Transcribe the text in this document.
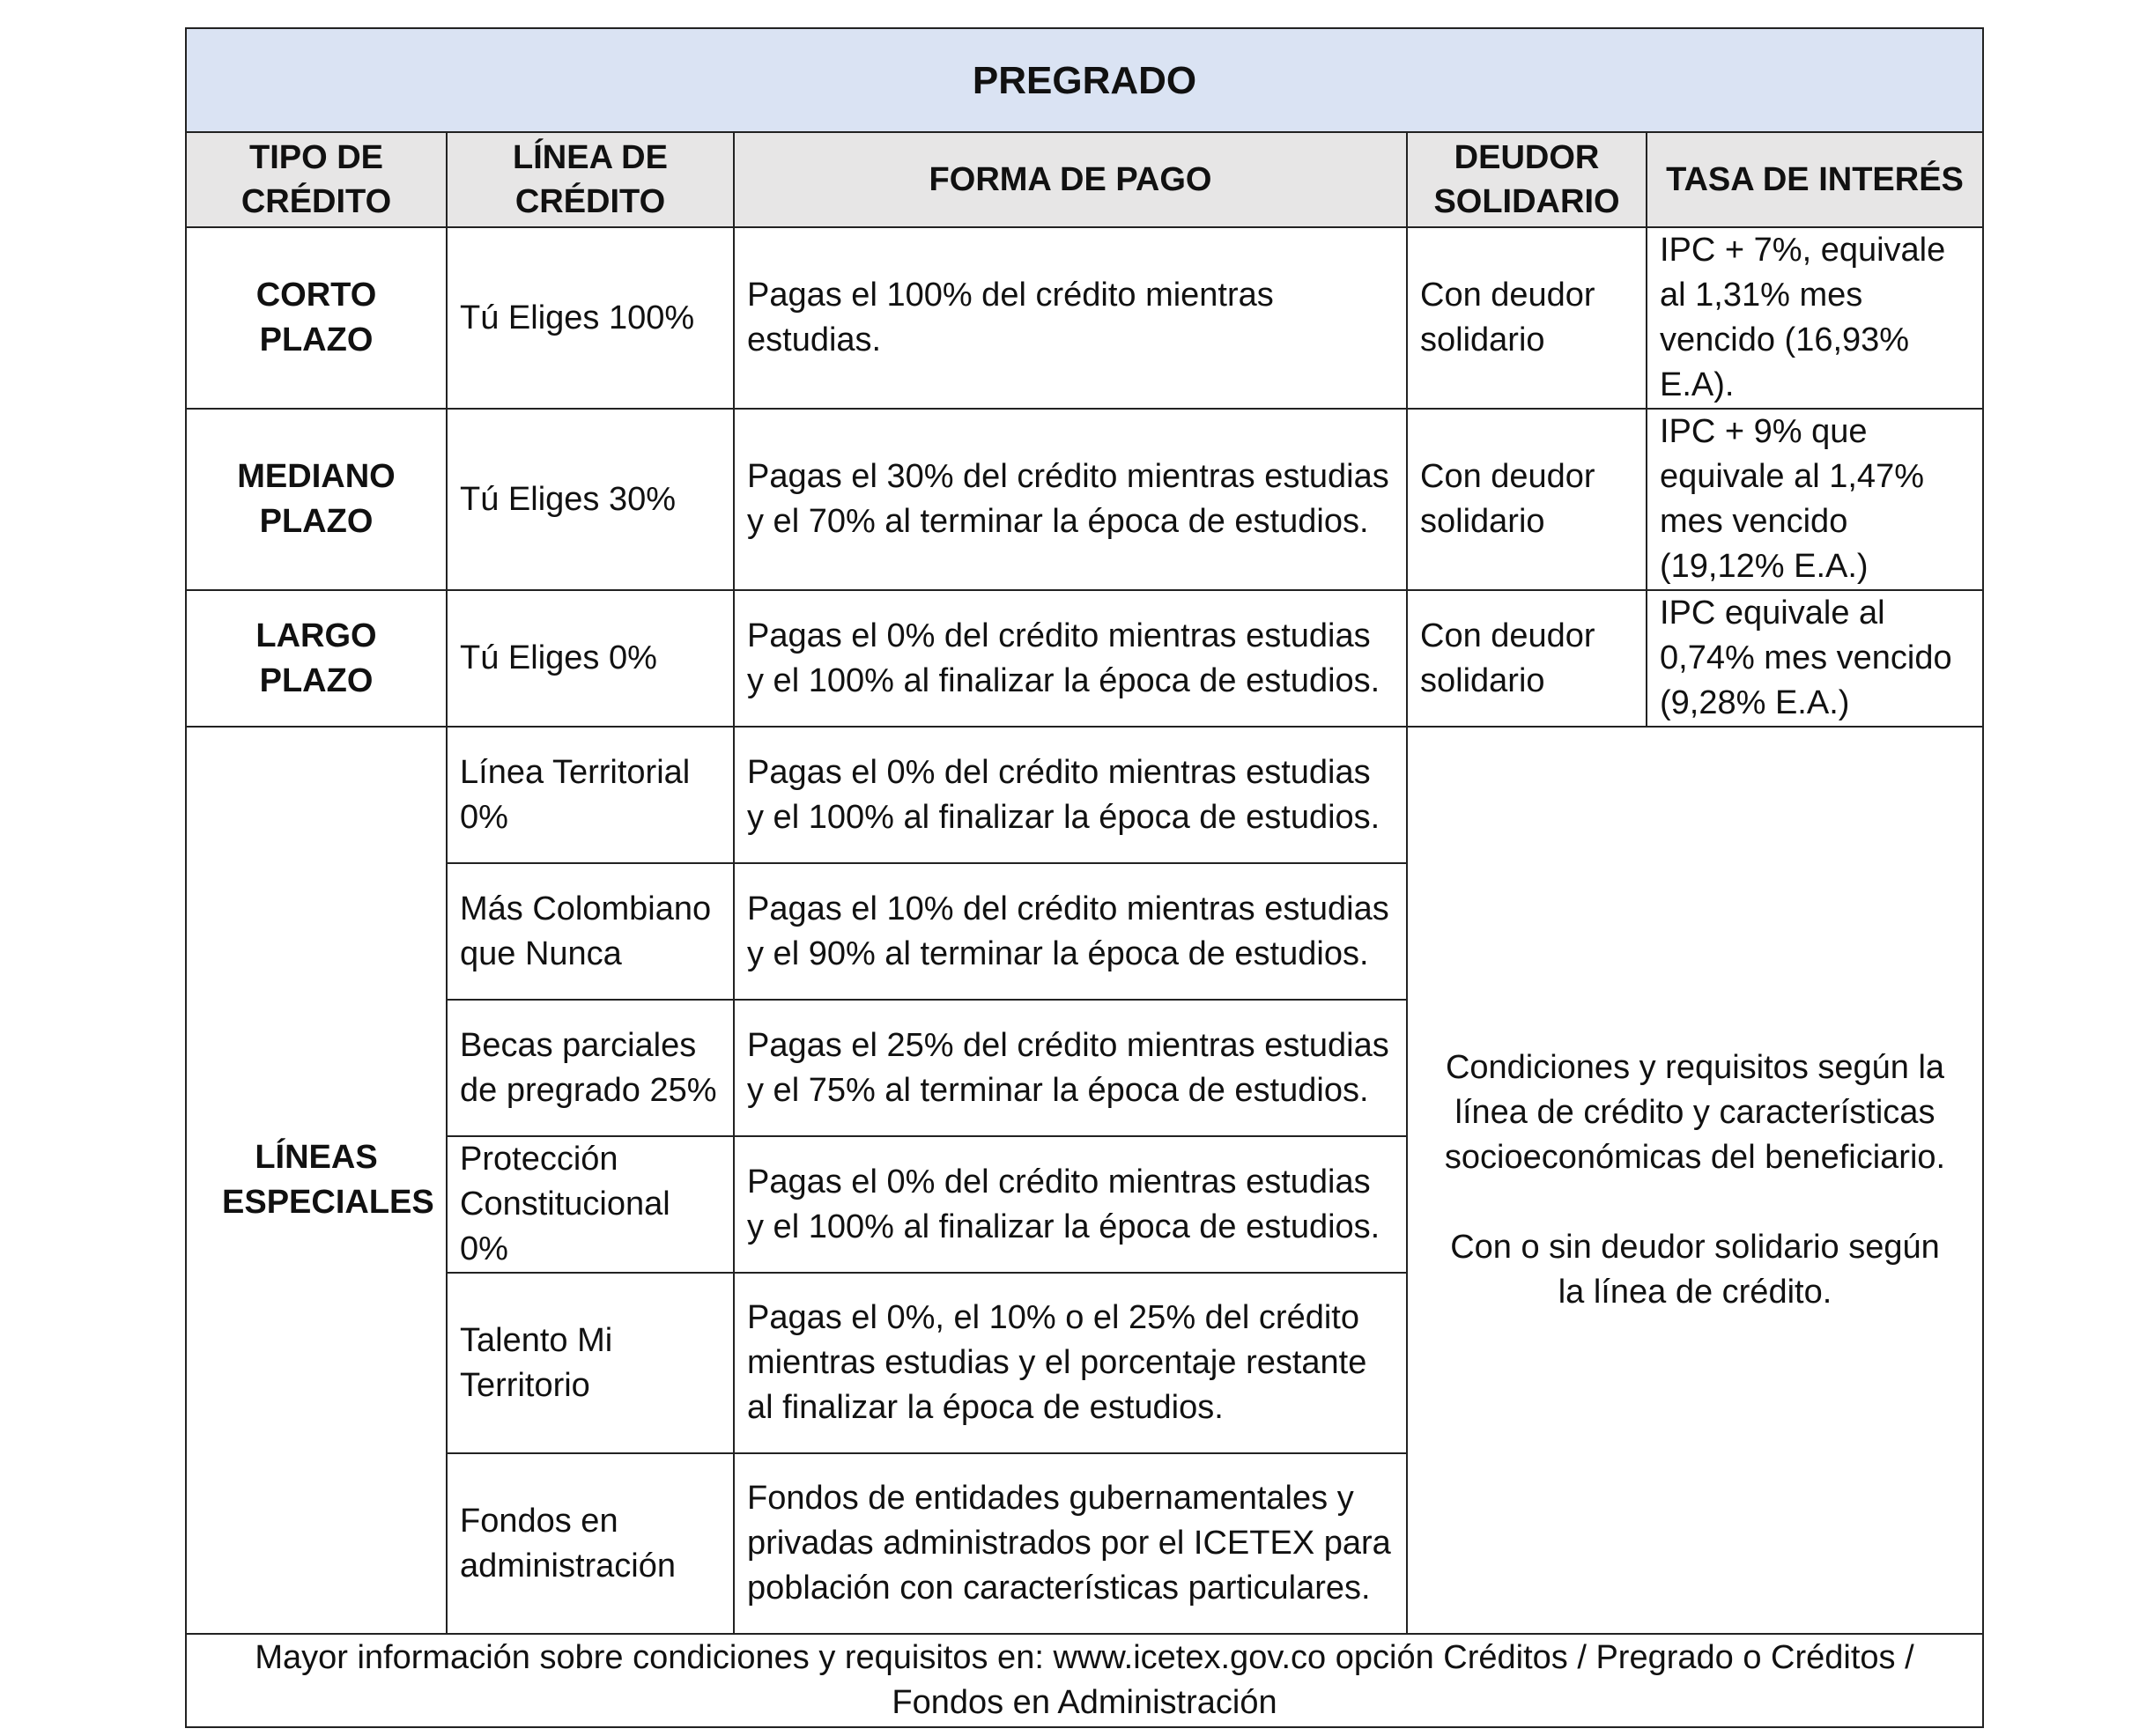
PREGRADO				
TIPO DE CRÉDITO	LÍNEA DE CRÉDITO	FORMA DE PAGO	DEUDOR SOLIDARIO	TASA DE INTERÉS
CORTO PLAZO	Tú Eliges 100%	Pagas el 100% del crédito mientras estudias.	Con deudor solidario	IPC + 7%, equivale al 1,31% mes vencido (16,93% E.A).
MEDIANO PLAZO	Tú Eliges 30%	Pagas el 30% del crédito mientras estudias y el 70% al terminar la época de estudios.	Con deudor solidario	IPC + 9% que equivale al 1,47% mes vencido (19,12% E.A.)
LARGO PLAZO	Tú Eliges 0%	Pagas el 0% del crédito mientras estudias y el 100% al finalizar la época de estudios.	Con deudor solidario	IPC equivale al 0,74% mes vencido (9,28% E.A.)
LÍNEAS ESPECIALES	Línea Territorial 0%	Pagas el 0% del crédito mientras estudias y el 100% al finalizar la época de estudios.	Condiciones y requisitos según la línea de crédito y características socioeconómicas del beneficiario.

Con o sin deudor solidario según la línea de crédito.	

	Más Colombiano que Nunca	Pagas el 10% del crédito mientras estudias y el 90% al terminar la época de estudios.		
	Becas parciales de pregrado 25%	Pagas el 25% del crédito mientras estudias y el 75% al terminar la época de estudios.		
	Protección Constitucional 0%	Pagas el 0% del crédito mientras estudias y el 100% al finalizar la época de estudios.		
	Talento Mi Territorio	Pagas el 0%, el 10% o el 25% del crédito mientras estudias y el porcentaje restante al finalizar la época de estudios.		
	Fondos en administración	Fondos de entidades gubernamentales y privadas administrados por el ICETEX para población con características particulares.		
Mayor información sobre condiciones y requisitos en: www.icetex.gov.co opción Créditos / Pregrado o Créditos / Fondos en Administración				
